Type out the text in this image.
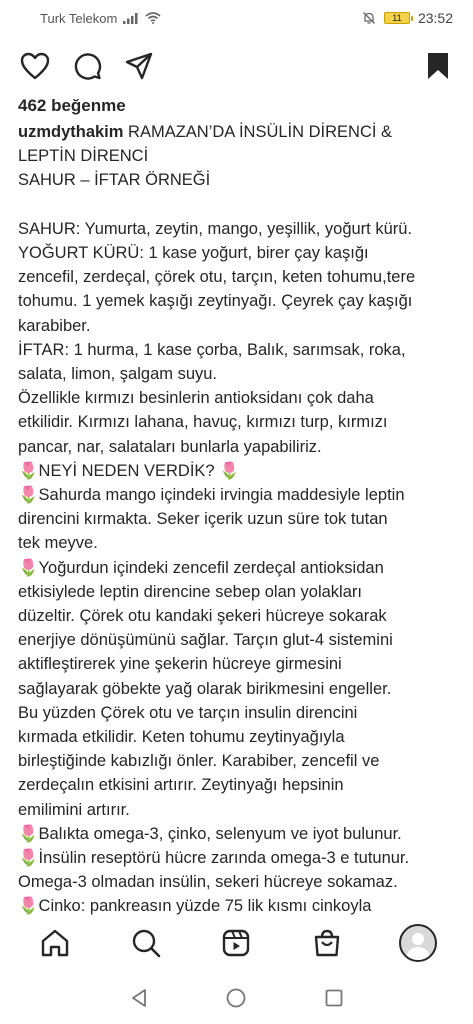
Turk Telekom	11 23:52
462 beğenme
uzmdythakim RAMAZAN’DA İNSÜLİN DİRENCİ &
LEPTİN DİRENCİ
SAHUR – İFTAR ÖRNEĞİ
SAHUR: Yumurta, zeytin, mango, yeşillik, yoğurt kürü.
YOĞURT KÜRÜ: 1 kase yoğurt, birer çay kaşığı
zencefil, zerdeçal, çörek otu, tarçın, keten tohumu,tere
tohumu. 1 yemek kaşığı zeytinyağı. Çeyrek çay kaşığı
karabiber.
İFTAR: 1 hurma, 1 kase çorba, Balık, sarımsak, roka,
salata, limon, şalgam suyu.
Özellikle kırmızı besinlerin antioksidanı çok daha
etkilidir. Kırmızı lahana, havuç, kırmızı turp, kırmızı
pancar, nar, salataları bunlarla yapabiliriz.
🌷NEYİ NEDEN VERDİK? 🌷
🌷Sahurda mango içindeki irvingia maddesiyle leptin
direncini kırmakta. Seker içerik uzun süre tok tutan
tek meyve.
🌷Yoğurdun içindeki zencefil zerdeçal antioksidan
etkisiylede leptin direncine sebep olan yolakları
düzeltir. Çörek otu kandaki şekeri hücreye sokarak
enerjiye dönüşümünü sağlar. Tarçın glut-4 sistemini
aktifleştirerek yine şekerin hücreye girmesini
sağlayarak göbekte yağ olarak birikmesini engeller.
Bu yüzden Çörek otu ve tarçın insulin direncini
kırmada etkilidir. Keten tohumu zeytinyağıyla
birleştiğinde kabızlığı önler. Karabiber, zencefil ve
zerdeçalın etkisini artırır. Zeytinyağı hepsinin
emilimini artırır.
🌷Balıkta omega-3, çinko, selenyum ve iyot bulunur.
🌷İnsülin reseptörü hücre zarında omega-3 e tutunur.
Omega-3 olmadan insülin, sekeri hücreye sokamaz.
🌷Cinko: pankreasın yüzde 75 lik kısmı cinkoyla
